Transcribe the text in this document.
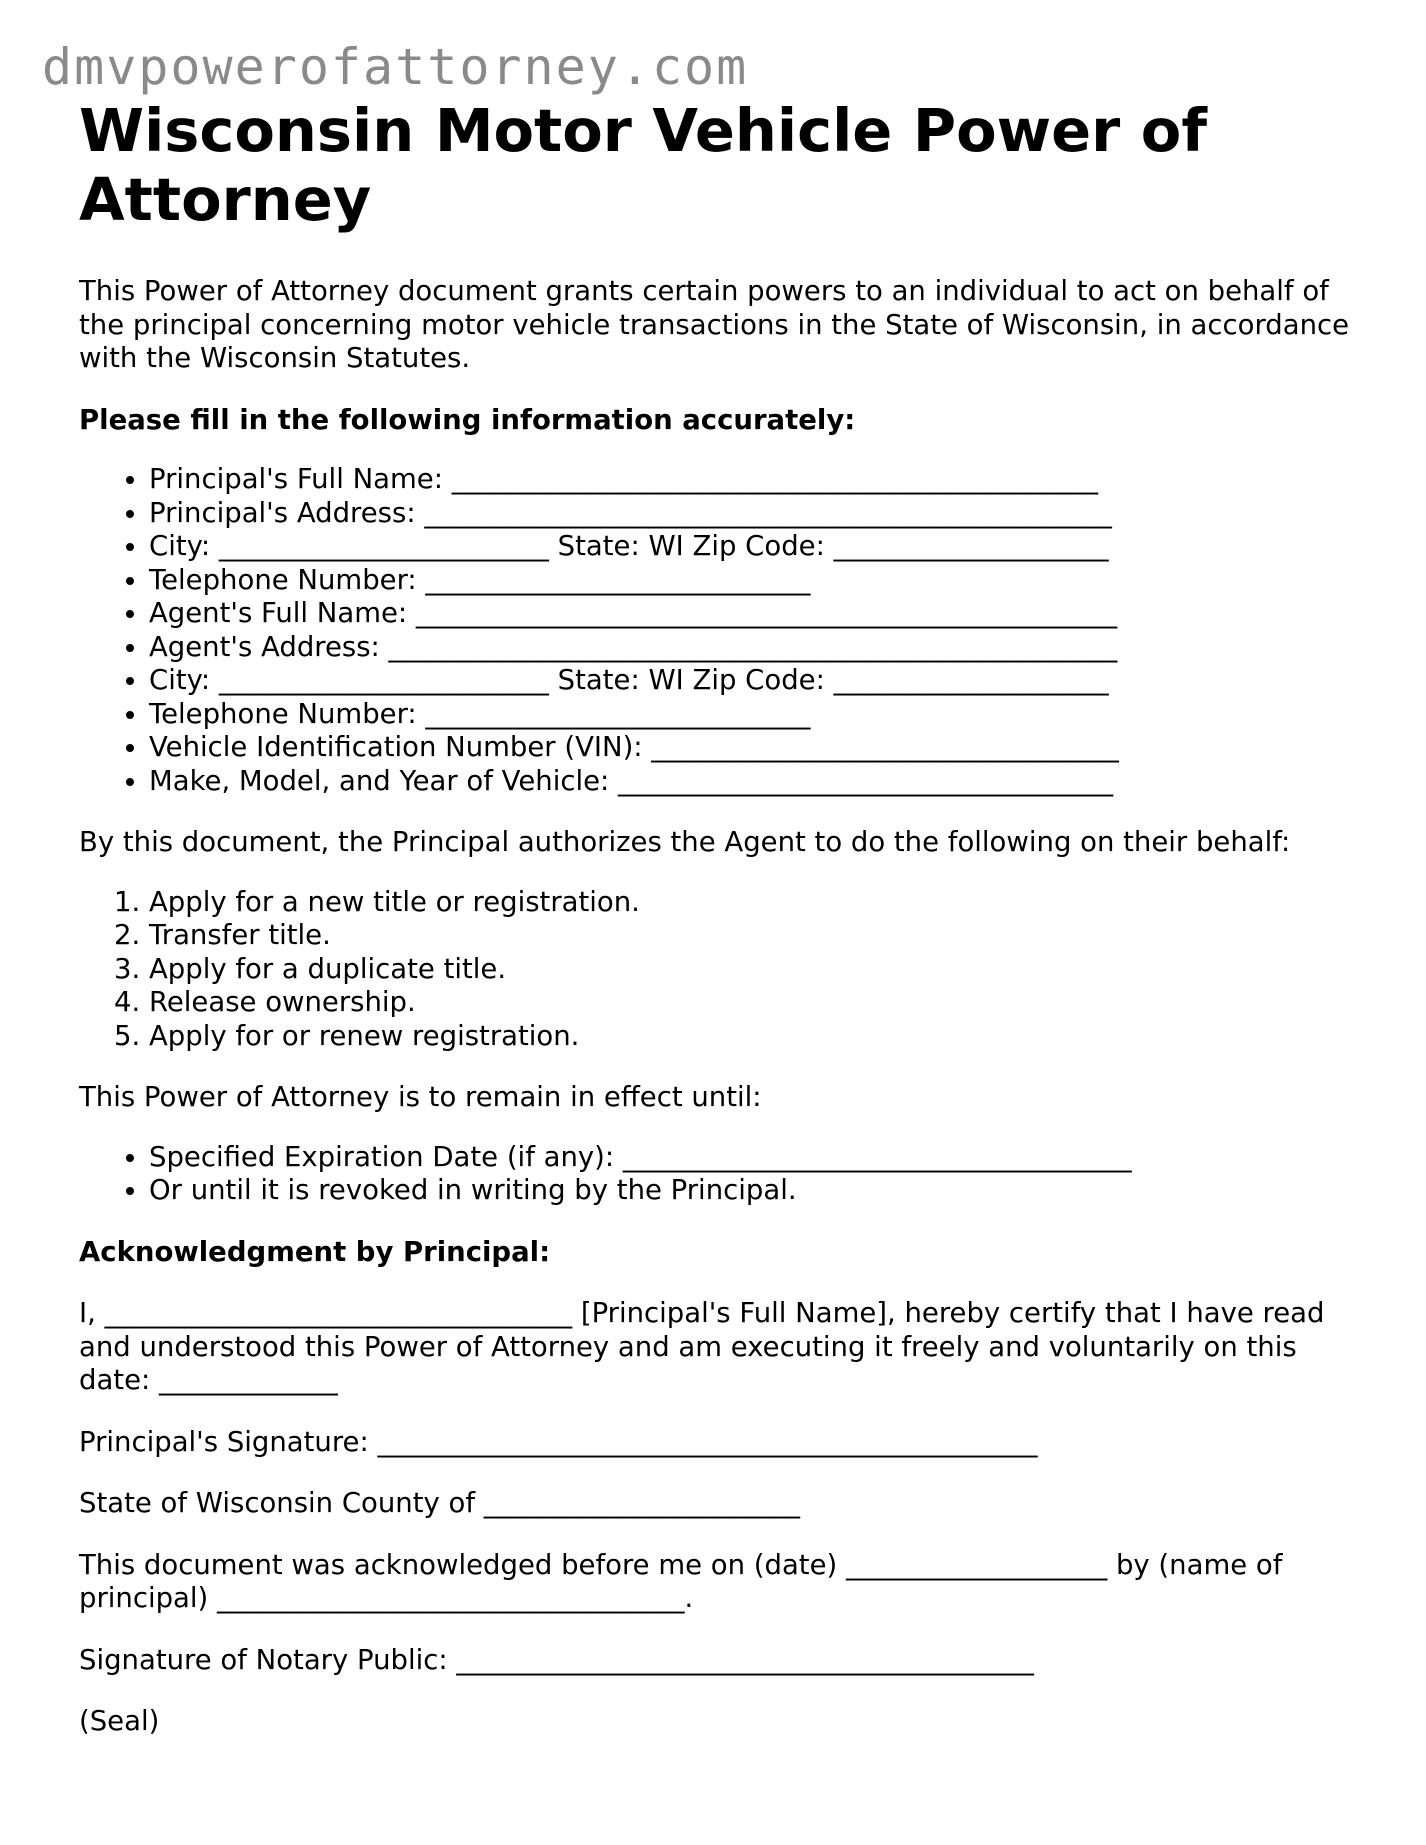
dmvpowerofattorney.com
Wisconsin Motor Vehicle Power of Attorney

This Power of Attorney document grants certain powers to an individual to act on behalf of the principal concerning motor vehicle transactions in the State of Wisconsin, in accordance with the Wisconsin Statutes.

Please fill in the following information accurately:

• Principal's Full Name: _______________________________________________
• Principal's Address: __________________________________________________
• City: ________________________ State: WI Zip Code: ____________________
• Telephone Number: ____________________________
• Agent's Full Name: ___________________________________________________
• Agent's Address: _____________________________________________________
• City: ________________________ State: WI Zip Code: ____________________
• Telephone Number: ____________________________
• Vehicle Identification Number (VIN): __________________________________
• Make, Model, and Year of Vehicle: ____________________________________

By this document, the Principal authorizes the Agent to do the following on their behalf:

1. Apply for a new title or registration.
2. Transfer title.
3. Apply for a duplicate title.
4. Release ownership.
5. Apply for or renew registration.

This Power of Attorney is to remain in effect until:

• Specified Expiration Date (if any): _____________________________________
• Or until it is revoked in writing by the Principal.

Acknowledgment by Principal:

I, __________________________________ [Principal's Full Name], hereby certify that I have read and understood this Power of Attorney and am executing it freely and voluntarily on this date: _____________

Principal's Signature: ________________________________________________

State of Wisconsin County of _______________________

This document was acknowledged before me on (date) ___________________ by (name of principal) __________________________________.

Signature of Notary Public: __________________________________________

(Seal)
